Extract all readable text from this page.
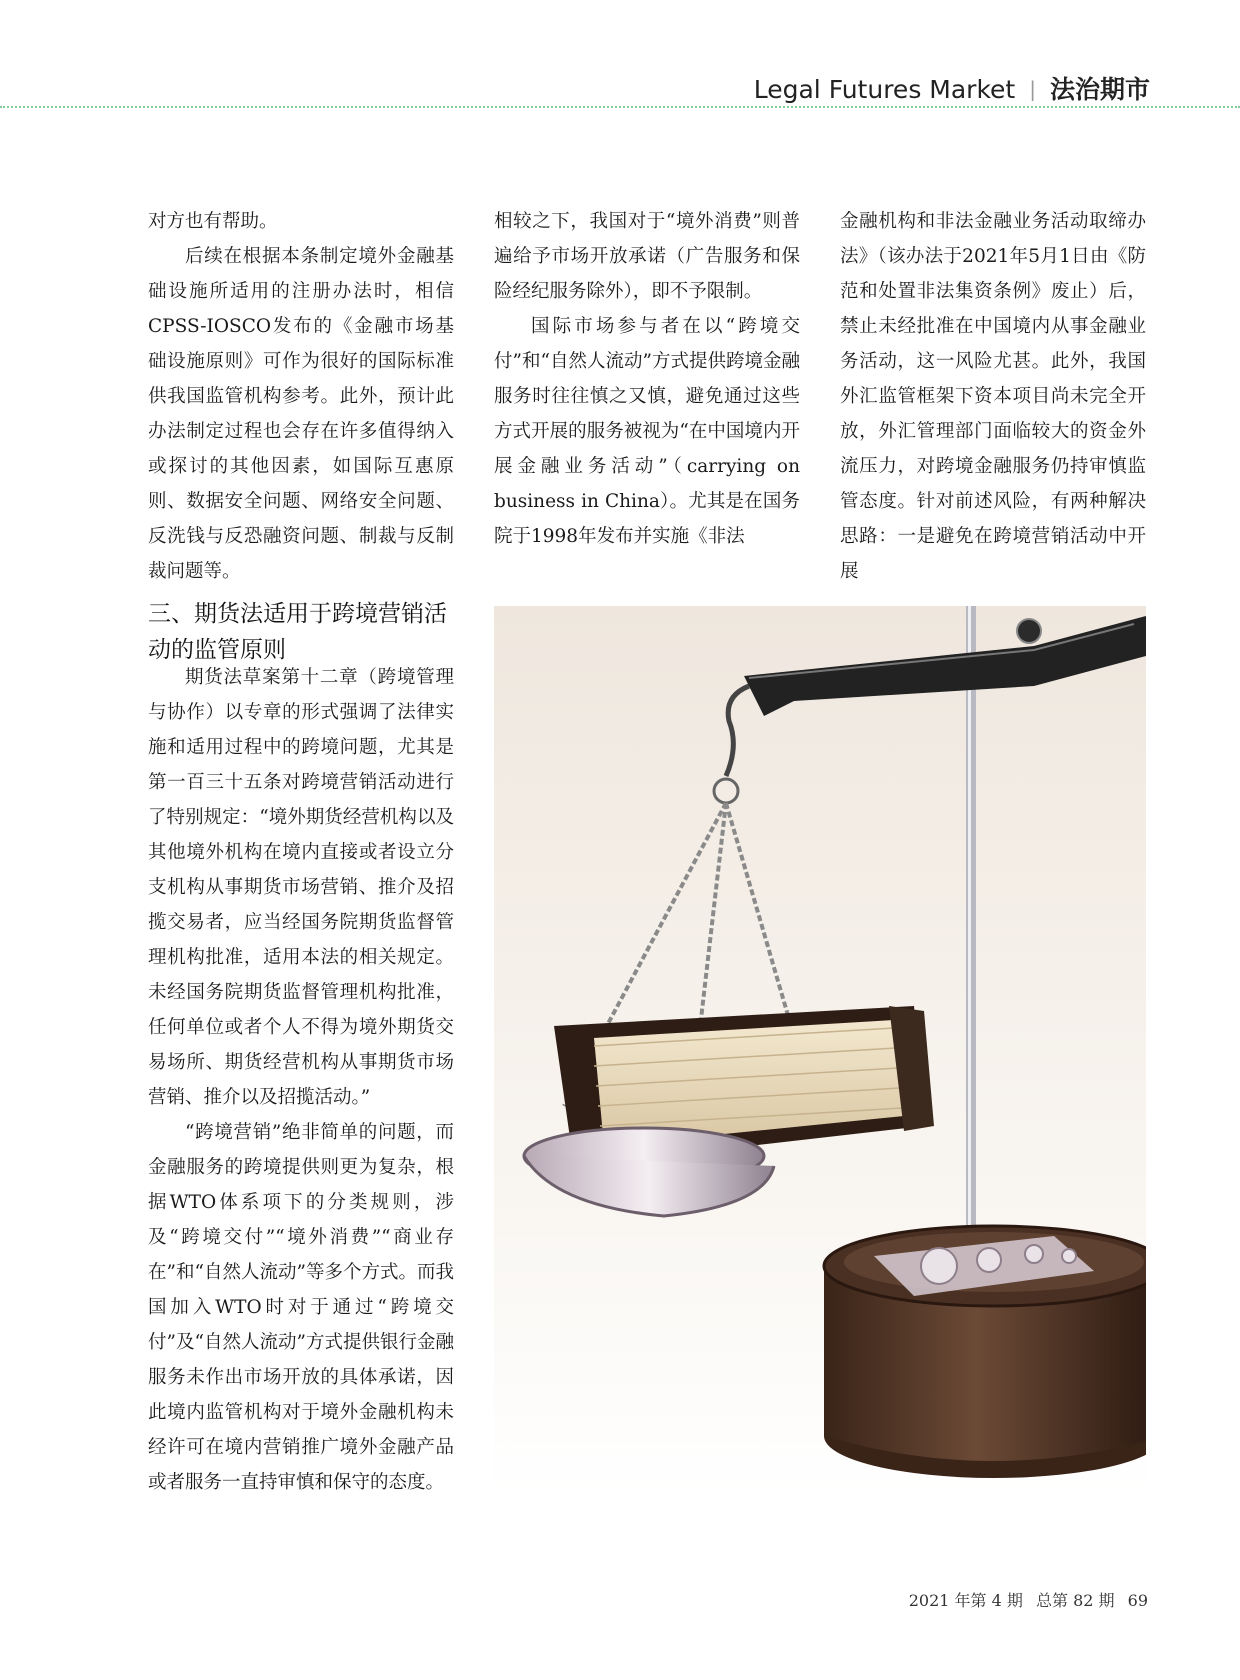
Legal Futures Market | 法治期市

对方也有帮助。

后续在根据本条制定境外金融基础设施所适用的注册办法时，相信CPSS-IOSCO发布的《金融市场基础设施原则》可作为很好的国际标准供我国监管机构参考。此外，预计此办法制定过程也会存在许多值得纳入或探讨的其他因素，如国际互惠原则、数据安全问题、网络安全问题、反洗钱与反恐融资问题、制裁与反制裁问题等。

三、期货法适用于跨境营销活动的监管原则

期货法草案第十二章（跨境管理与协作）以专章的形式强调了法律实施和适用过程中的跨境问题，尤其是第一百三十五条对跨境营销活动进行了特别规定：“境外期货经营机构以及其他境外机构在境内直接或者设立分支机构从事期货市场营销、推介及招揽交易者，应当经国务院期货监督管理机构批准，适用本法的相关规定。未经国务院期货监督管理机构批准，任何单位或者个人不得为境外期货交易场所、期货经营机构从事期货市场营销、推介以及招揽活动。”

“跨境营销”绝非简单的问题，而金融服务的跨境提供则更为复杂，根据WTO体系项下的分类规则，涉及“跨境交付”“境外消费”“商业存在”和“自然人流动”等多个方式。而我国加入WTO时对于通过“跨境交付”及“自然人流动”方式提供银行金融服务未作出市场开放的具体承诺，因此境内监管机构对于境外金融机构未经许可在境内营销推广境外金融产品或者服务一直持审慎和保守的态度。

相较之下，我国对于“境外消费”则普遍给予市场开放承诺（广告服务和保险经纪服务除外），即不予限制。

国际市场参与者在以“跨境交付”和“自然人流动”方式提供跨境金融服务时往往慎之又慎，避免通过这些方式开展的服务被视为“在中国境内开展金融业务活动”（carrying on business in China）。尤其是在国务院于1998年发布并实施《非法

金融机构和非法金融业务活动取缔办法》（该办法于2021年5月1日由《防范和处置非法集资条例》废止）后，禁止未经批准在中国境内从事金融业务活动，这一风险尤甚。此外，我国外汇监管框架下资本项目尚未完全开放，外汇管理部门面临较大的资金外流压力，对跨境金融服务仍持审慎监管态度。针对前述风险，有两种解决思路：一是避免在跨境营销活动中开展

2021 年第 4 期 总第 82 期 69
